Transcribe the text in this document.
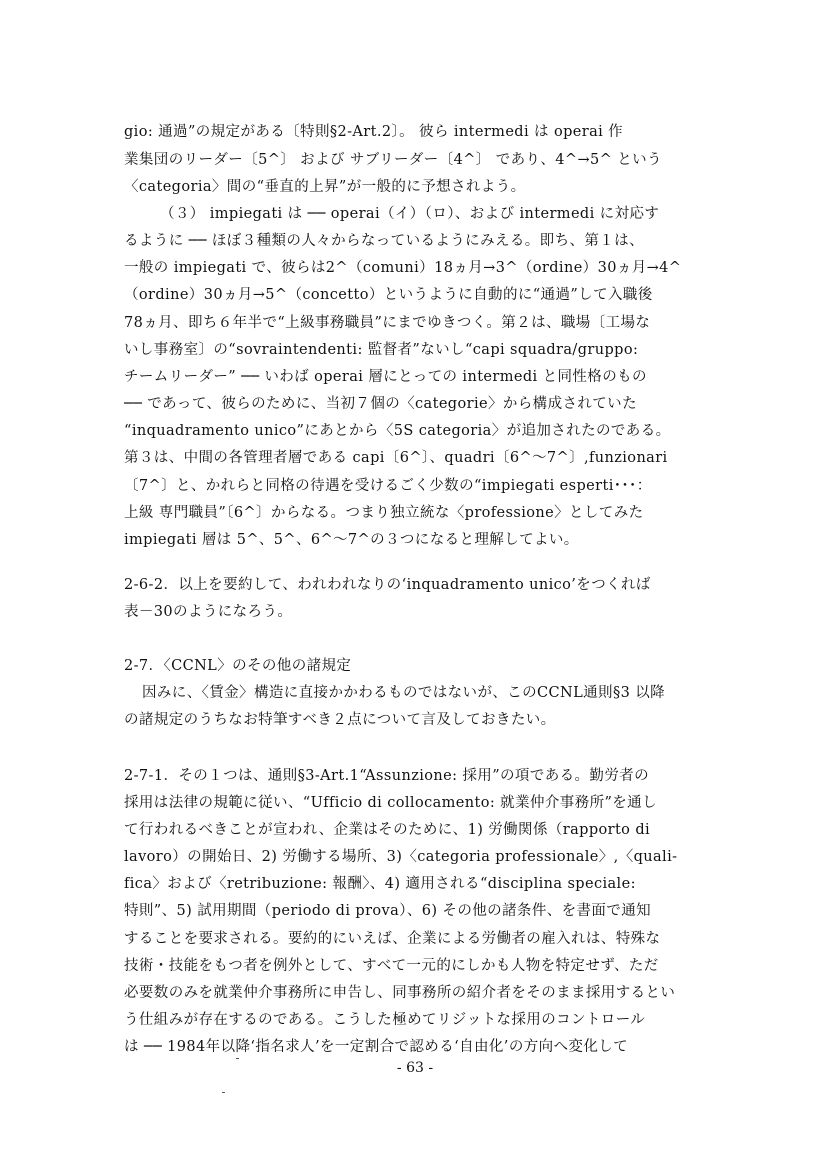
gio: 通過”の規定がある〔特則§2-Art.2〕。 彼ら intermedi は operai 作
業集団のリーダー〔5^〕 および サブリーダー〔4^〕 であり、4^→5^ という
〈categoria〉間の“垂直的上昇”が一般的に予想されよう。
（３） impiegati は ── operai（イ）（ロ）、および intermedi に対応す
るように ── ほぼ３種類の人々からなっているようにみえる。即ち、第１は、
一般の impiegati で、彼らは2^（comuni）18ヵ月→3^（ordine）30ヵ月→4^
（ordine）30ヵ月→5^（concetto）というように自動的に“通過”して入職後
78ヵ月、即ち６年半で“上級事務職員”にまでゆきつく。第２は、職場〔工場な
いし事務室〕の“sovraintendenti: 監督者”ないし“capi squadra/gruppo:
チームリーダー” ── いわば operai 層にとっての intermedi と同性格のもの
── であって、彼らのために、当初７個の〈categorie〉から構成されていた
“inquadramento unico”にあとから〈5S categoria〉が追加されたのである。
第３は、中間の各管理者層である capi〔6^〕、quadri〔6^～7^〕,funzionari
〔7^〕と、かれらと同格の待遇を受けるごく少数の“impiegati esperti･･･：
上級 専門職員”〔6^〕からなる。つまり独立統な〈professione〉としてみた
impiegati 層は 5^、5^、6^～7^の３つになると理解してよい。
2-6-2．以上を要約して、われわれなりの‘inquadramento unico’をつくれば
表－30のようになろう。
2-7．〈CCNL〉のその他の諸規定
因みに、〈賃金〉構造に直接かかわるものではないが、このCCNL通則§3 以降
の諸規定のうちなお特筆すべき２点について言及しておきたい。
2-7-1．その１つは、通則§3-Art.1“Assunzione: 採用”の項である。勤労者の
採用は法律の規範に従い、“Ufficio di collocamento: 就業仲介事務所”を通し
て行われるべきことが宣われ、企業はそのために、1) 労働関係（rapporto di
lavoro）の開始日、2) 労働する場所、3)〈categoria professionale〉,〈quali-
fica〉および〈retribuzione: 報酬〉、4) 適用される“disciplina speciale:
特則”、5) 試用期間（periodo di prova）、6) その他の諸条件、を書面で通知
することを要求される。要約的にいえば、企業による労働者の雇入れは、特殊な
技術・技能をもつ者を例外として、すべて一元的にしかも人物を特定せず、ただ
必要数のみを就業仲介事務所に申告し、同事務所の紹介者をそのまま採用するとい
う仕組みが存在するのである。こうした極めてリジットな採用のコントロール
は ── 1984年以降‘指名求人’を一定割合で認める‘自由化’の方向へ変化して
- 63 -
